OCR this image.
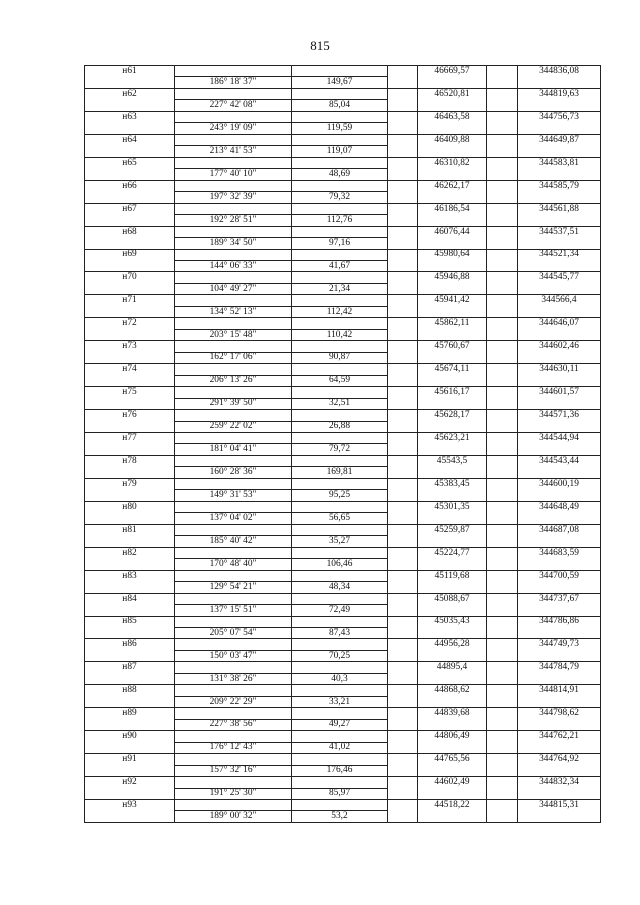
815
н61				46669,57		344836,08
	186° 18' 37"	149,67				
н62				46520,81		344819,63
	227° 42' 08"	85,04				
н63				46463,58		344756,73
	243° 19' 09"	119,59				
н64				46409,88		344649,87
	213° 41' 53"	119,07				
н65				46310,82		344583,81
	177° 40' 10"	48,69				
н66				46262,17		344585,79
	197° 32' 39"	79,32				
н67				46186,54		344561,88
	192° 28' 51"	112,76				
н68				46076,44		344537,51
	189° 34' 50"	97,16				
н69				45980,64		344521,34
	144° 06' 33"	41,67				
н70				45946,88		344545,77
	104° 49' 27"	21,34				
н71				45941,42		344566,4
	134° 52' 13"	112,42				
н72				45862,11		344646,07
	203° 15' 48"	110,42				
н73				45760,67		344602,46
	162° 17' 06"	90,87				
н74				45674,11		344630,11
	206° 13' 26"	64,59				
н75				45616,17		344601,57
	291° 39' 50"	32,51				
н76				45628,17		344571,36
	259° 22' 02"	26,88				
н77				45623,21		344544,94
	181° 04' 41"	79,72				
н78				45543,5		344543,44
	160° 28' 36"	169,81				
н79				45383,45		344600,19
	149° 31' 53"	95,25				
н80				45301,35		344648,49
	137° 04' 02"	56,65				
н81				45259,87		344687,08
	185° 40' 42"	35,27				
н82				45224,77		344683,59
	170° 48' 40"	106,46				
н83				45119,68		344700,59
	129° 54' 21"	48,34				
н84				45088,67		344737,67
	137° 15' 51"	72,49				
н85				45035,43		344786,86
	205° 07' 54"	87,43				
н86				44956,28		344749,73
	150° 03' 47"	70,25				
н87				44895,4		344784,79
	131° 38' 26"	40,3				
н88				44868,62		344814,91
	209° 22' 29"	33,21				
н89				44839,68		344798,62
	227° 38' 56"	49,27				
н90				44806,49		344762,21
	176° 12' 43"	41,02				
н91				44765,56		344764,92
	157° 32' 16"	176,46				
н92				44602,49		344832,34
	191° 25' 30"	85,97				
н93				44518,22		344815,31
	189° 00' 32"	53,2				
